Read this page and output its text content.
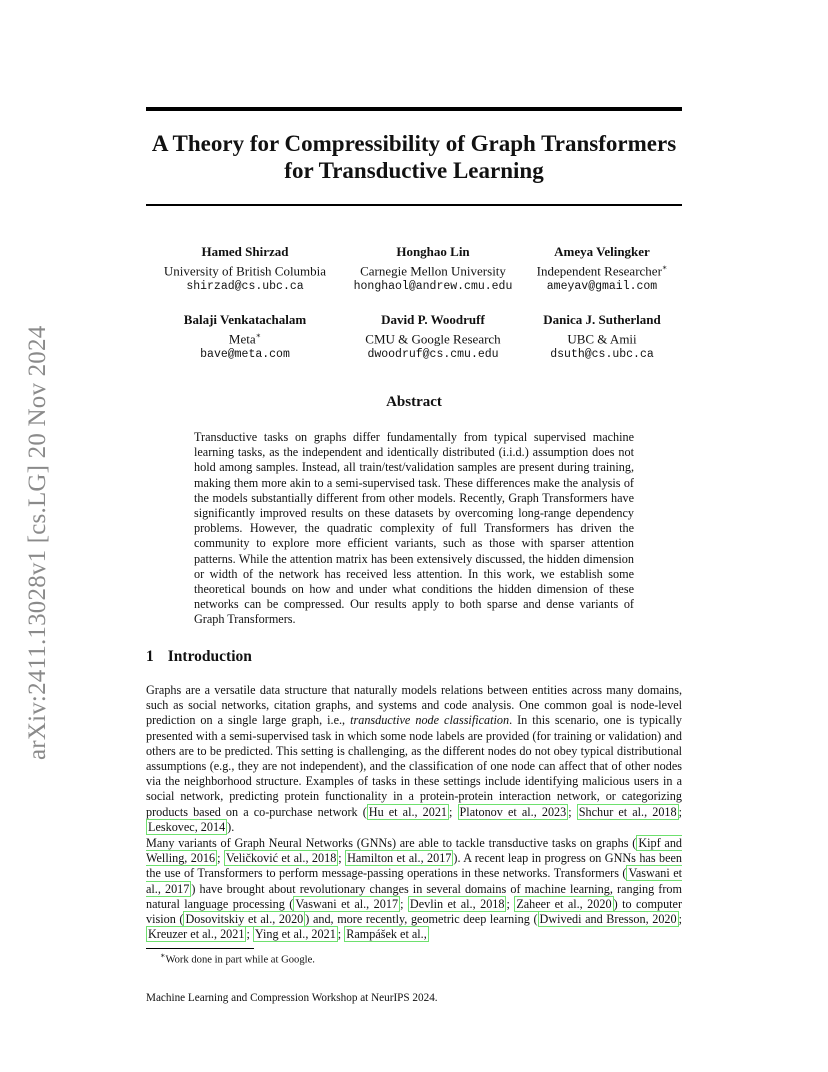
arXiv:2411.13028v1 [cs.LG] 20 Nov 2024
A Theory for Compressibility of Graph Transformers
for Transductive Learning
Hamed Shirzad
University of British Columbia
shirzad@cs.ubc.ca
Honghao Lin
Carnegie Mellon University
honghaol@andrew.cmu.edu
Ameya Velingker
Independent Researcher∗
ameyav@gmail.com
Balaji Venkatachalam
Meta∗
bave@meta.com
David P. Woodruff
CMU & Google Research
dwoodruf@cs.cmu.edu
Danica J. Sutherland
UBC & Amii
dsuth@cs.ubc.ca
Abstract
Transductive tasks on graphs differ fundamentally from typical supervised machine learning tasks, as the independent and identically distributed (i.i.d.) assumption does not hold among samples. Instead, all train/test/validation samples are present during training, making them more akin to a semi-supervised task. These differences make the analysis of the models substantially different from other models. Recently, Graph Transformers have significantly improved results on these datasets by overcoming long-range dependency problems. However, the quadratic complexity of full Transformers has driven the community to explore more efficient variants, such as those with sparser attention patterns. While the attention matrix has been extensively discussed, the hidden dimension or width of the network has received less attention. In this work, we establish some theoretical bounds on how and under what conditions the hidden dimension of these networks can be compressed. Our results apply to both sparse and dense variants of Graph Transformers.
1 Introduction
Graphs are a versatile data structure that naturally models relations between entities across many domains, such as social networks, citation graphs, and systems and code analysis. One common goal is node-level prediction on a single large graph, i.e., transductive node classification. In this scenario, one is typically presented with a semi-supervised task in which some node labels are provided (for training or validation) and others are to be predicted. This setting is challenging, as the different nodes do not obey typical distributional assumptions (e.g., they are not independent), and the classification of one node can affect that of other nodes via the neighborhood structure. Examples of tasks in these settings include identifying malicious users in a social network, predicting protein functionality in a protein-protein interaction network, or categorizing products based on a co-purchase network ( Hu et al., 2021 ; Platonov et al., 2023 ; Shchur et al., 2018 ; Leskovec, 2014 ).
Many variants of Graph Neural Networks (GNNs) are able to tackle transductive tasks on graphs ( Kipf and Welling, 2016 ; Veličković et al., 2018 ; Hamilton et al., 2017 ). A recent leap in progress on GNNs has been the use of Transformers to perform message-passing operations in these networks. Transformers ( Vaswani et al., 2017 ) have brought about revolutionary changes in several domains of machine learning, ranging from natural language processing ( Vaswani et al., 2017 ; Devlin et al., 2018 ; Zaheer et al., 2020 ) to computer vision ( Dosovitskiy et al., 2020 ) and, more recently, geometric deep learning ( Dwivedi and Bresson, 2020 ; Kreuzer et al., 2021 ; Ying et al., 2021 ; Rampášek et al.,
∗Work done in part while at Google.
Machine Learning and Compression Workshop at NeurIPS 2024.
